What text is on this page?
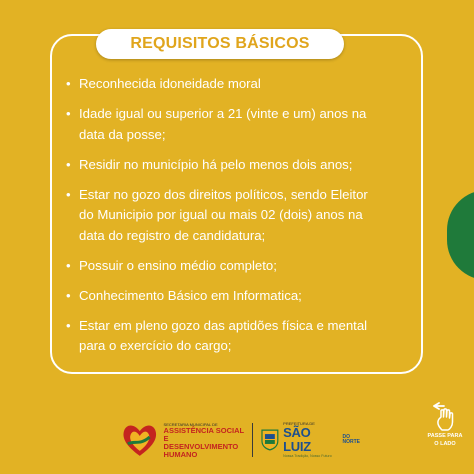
REQUISITOS BÁSICOS
• Reconhecida idoneidade moral
• Idade igual ou superior a 21 (vinte e um) anos na data da posse;
• Residir no município há pelo menos dois anos;
• Estar no gozo dos direitos políticos, sendo Eleitor do Municipio por igual ou mais 02 (dois) anos na data do registro de candidatura;
• Possuir o ensino médio completo;
• Conhecimento Básico em Informatica;
• Estar em pleno gozo das aptidões física e mental para o exercício do cargo;
SECRETARIA MUNICIPAL DE
ASSISTÊNCIA SOCIAL
E DESENVOLVIMENTO
HUMANO
PREFEITURA DE
SÃO LUIZ
DO
NORTE
Nossa Tradição, Nosso Futuro
PASSE PARA
O LADO
